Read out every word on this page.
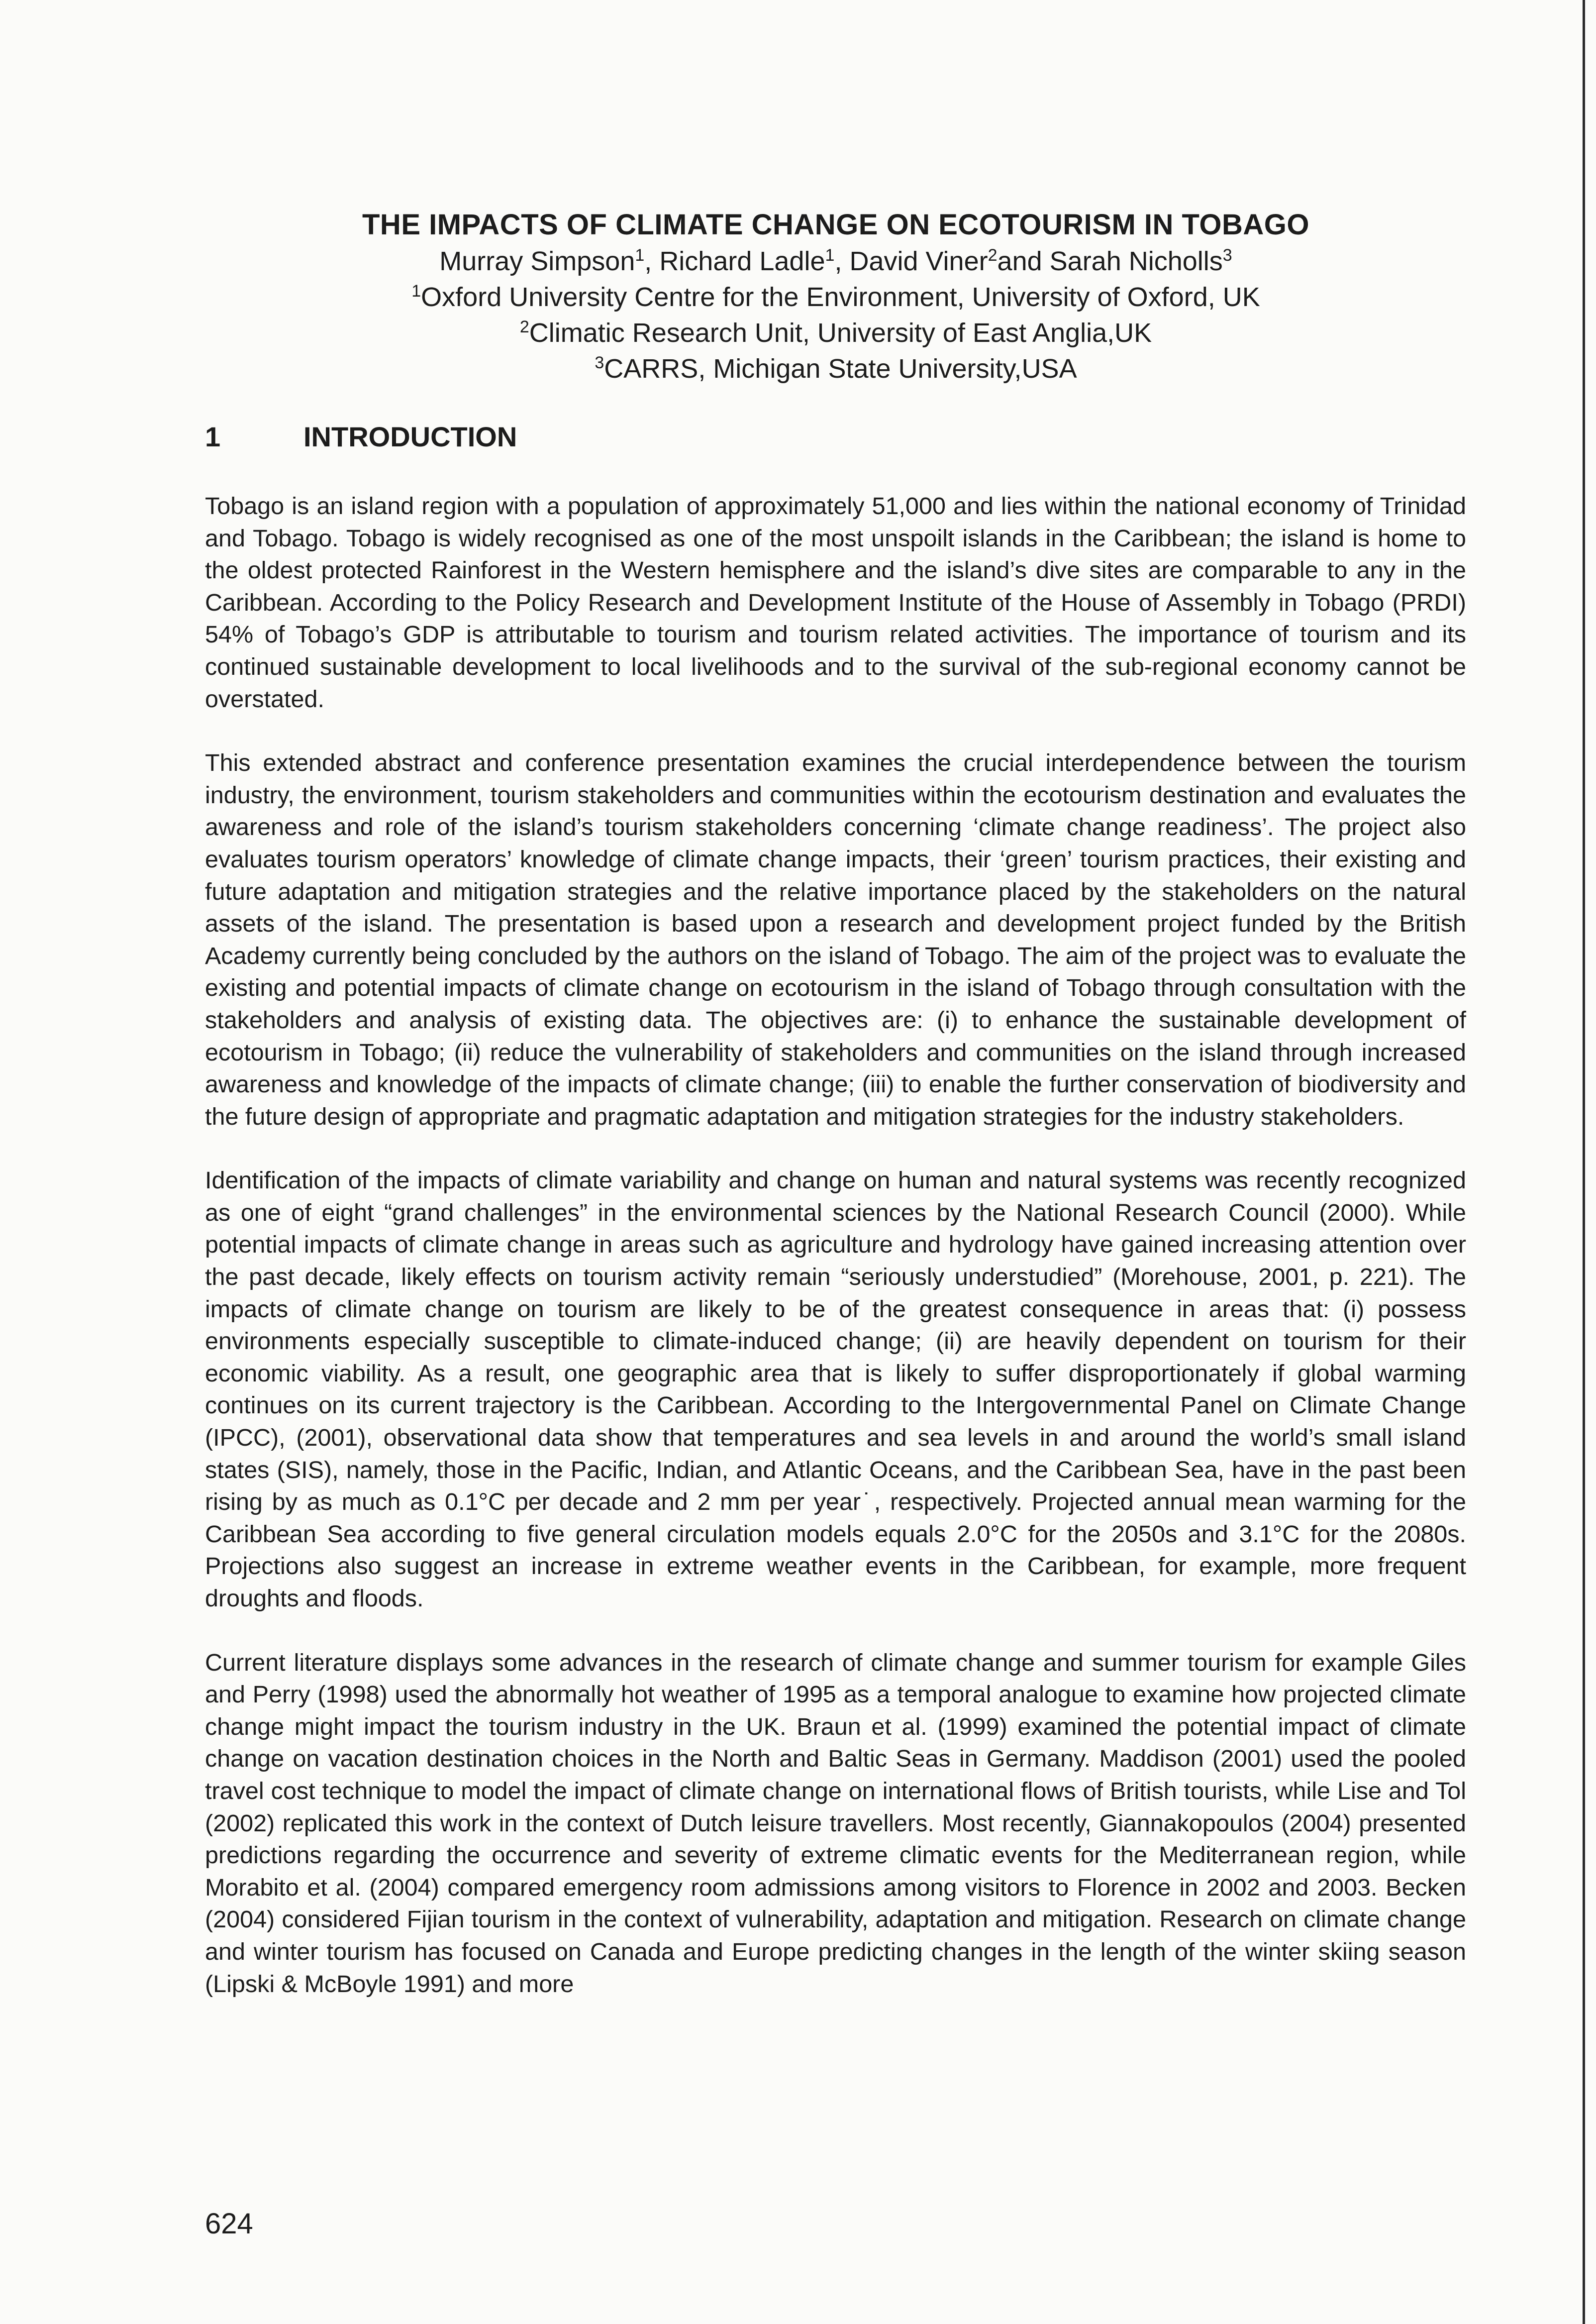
THE IMPACTS OF CLIMATE CHANGE ON ECOTOURISM IN TOBAGO
Murray Simpson$^1$, Richard Ladle$^1$, David Viner$^2$and Sarah Nicholls$^3$
$^1$Oxford University Centre for the Environment, University of Oxford, UK
$^2$Climatic Research Unit, University of East Anglia,UK
$^3$CARRS, Michigan State University,USA
1	INTRODUCTION

Tobago is an island region with a population of approximately 51,000 and lies within the national economy of Trinidad and Tobago. Tobago is widely recognised as one of the most unspoilt islands in the Caribbean; the island is home to the oldest protected Rainforest in the Western hemisphere and the island’s dive sites are comparable to any in the Caribbean. According to the Policy Research and Development Institute of the House of Assembly in Tobago (PRDI) 54% of Tobago’s GDP is attributable to tourism and tourism related activities. The importance of tourism and its continued sustainable development to local livelihoods and to the survival of the sub-regional economy cannot be overstated.

This extended abstract and conference presentation examines the crucial interdependence between the tourism industry, the environment, tourism stakeholders and communities within the ecotourism destination and evaluates the awareness and role of the island’s tourism stakeholders concerning ‘climate change readiness’. The project also evaluates tourism operators’ knowledge of climate change impacts, their ‘green’ tourism practices, their existing and future adaptation and mitigation strategies and the relative importance placed by the stakeholders on the natural assets of the island. The presentation is based upon a research and development project funded by the British Academy currently being concluded by the authors on the island of Tobago. The aim of the project was to evaluate the existing and potential impacts of climate change on ecotourism in the island of Tobago through consultation with the stakeholders and analysis of existing data. The objectives are: (i) to enhance the sustainable development of ecotourism in Tobago; (ii) reduce the vulnerability of stakeholders and communities on the island through increased awareness and knowledge of the impacts of climate change; (iii) to enable the further conservation of biodiversity and the future design of appropriate and pragmatic adaptation and mitigation strategies for the industry stakeholders.

Identification of the impacts of climate variability and change on human and natural systems was recently recognized as one of eight “grand challenges” in the environmental sciences by the National Research Council (2000). While potential impacts of climate change in areas such as agriculture and hydrology have gained increasing attention over the past decade, likely effects on tourism activity remain “seriously understudied” (Morehouse, 2001, p. 221). The impacts of climate change on tourism are likely to be of the greatest consequence in areas that: (i) possess environments especially susceptible to climate-induced change; (ii) are heavily dependent on tourism for their economic viability. As a result, one geographic area that is likely to suffer disproportionately if global warming continues on its current trajectory is the Caribbean. According to the Intergovernmental Panel on Climate Change (IPCC), (2001), observational data show that temperatures and sea levels in and around the world’s small island states (SIS), namely, those in the Pacific, Indian, and Atlantic Oceans, and the Caribbean Sea, have in the past been rising by as much as 0.1°C per decade and 2 mm per year˙, respectively. Projected annual mean warming for the Caribbean Sea according to five general circulation models equals 2.0°C for the 2050s and 3.1°C for the 2080s. Projections also suggest an increase in extreme weather events in the Caribbean, for example, more frequent droughts and floods.

Current literature displays some advances in the research of climate change and summer tourism for example Giles and Perry (1998) used the abnormally hot weather of 1995 as a temporal analogue to examine how projected climate change might impact the tourism industry in the UK. Braun et al. (1999) examined the potential impact of climate change on vacation destination choices in the North and Baltic Seas in Germany. Maddison (2001) used the pooled travel cost technique to model the impact of climate change on international flows of British tourists, while Lise and Tol (2002) replicated this work in the context of Dutch leisure travellers. Most recently, Giannakopoulos (2004) presented predictions regarding the occurrence and severity of extreme climatic events for the Mediterranean region, while Morabito et al. (2004) compared emergency room admissions among visitors to Florence in 2002 and 2003. Becken (2004) considered Fijian tourism in the context of vulnerability, adaptation and mitigation. Research on climate change and winter tourism has focused on Canada and Europe predicting changes in the length of the winter skiing season (Lipski & McBoyle 1991) and more

624
